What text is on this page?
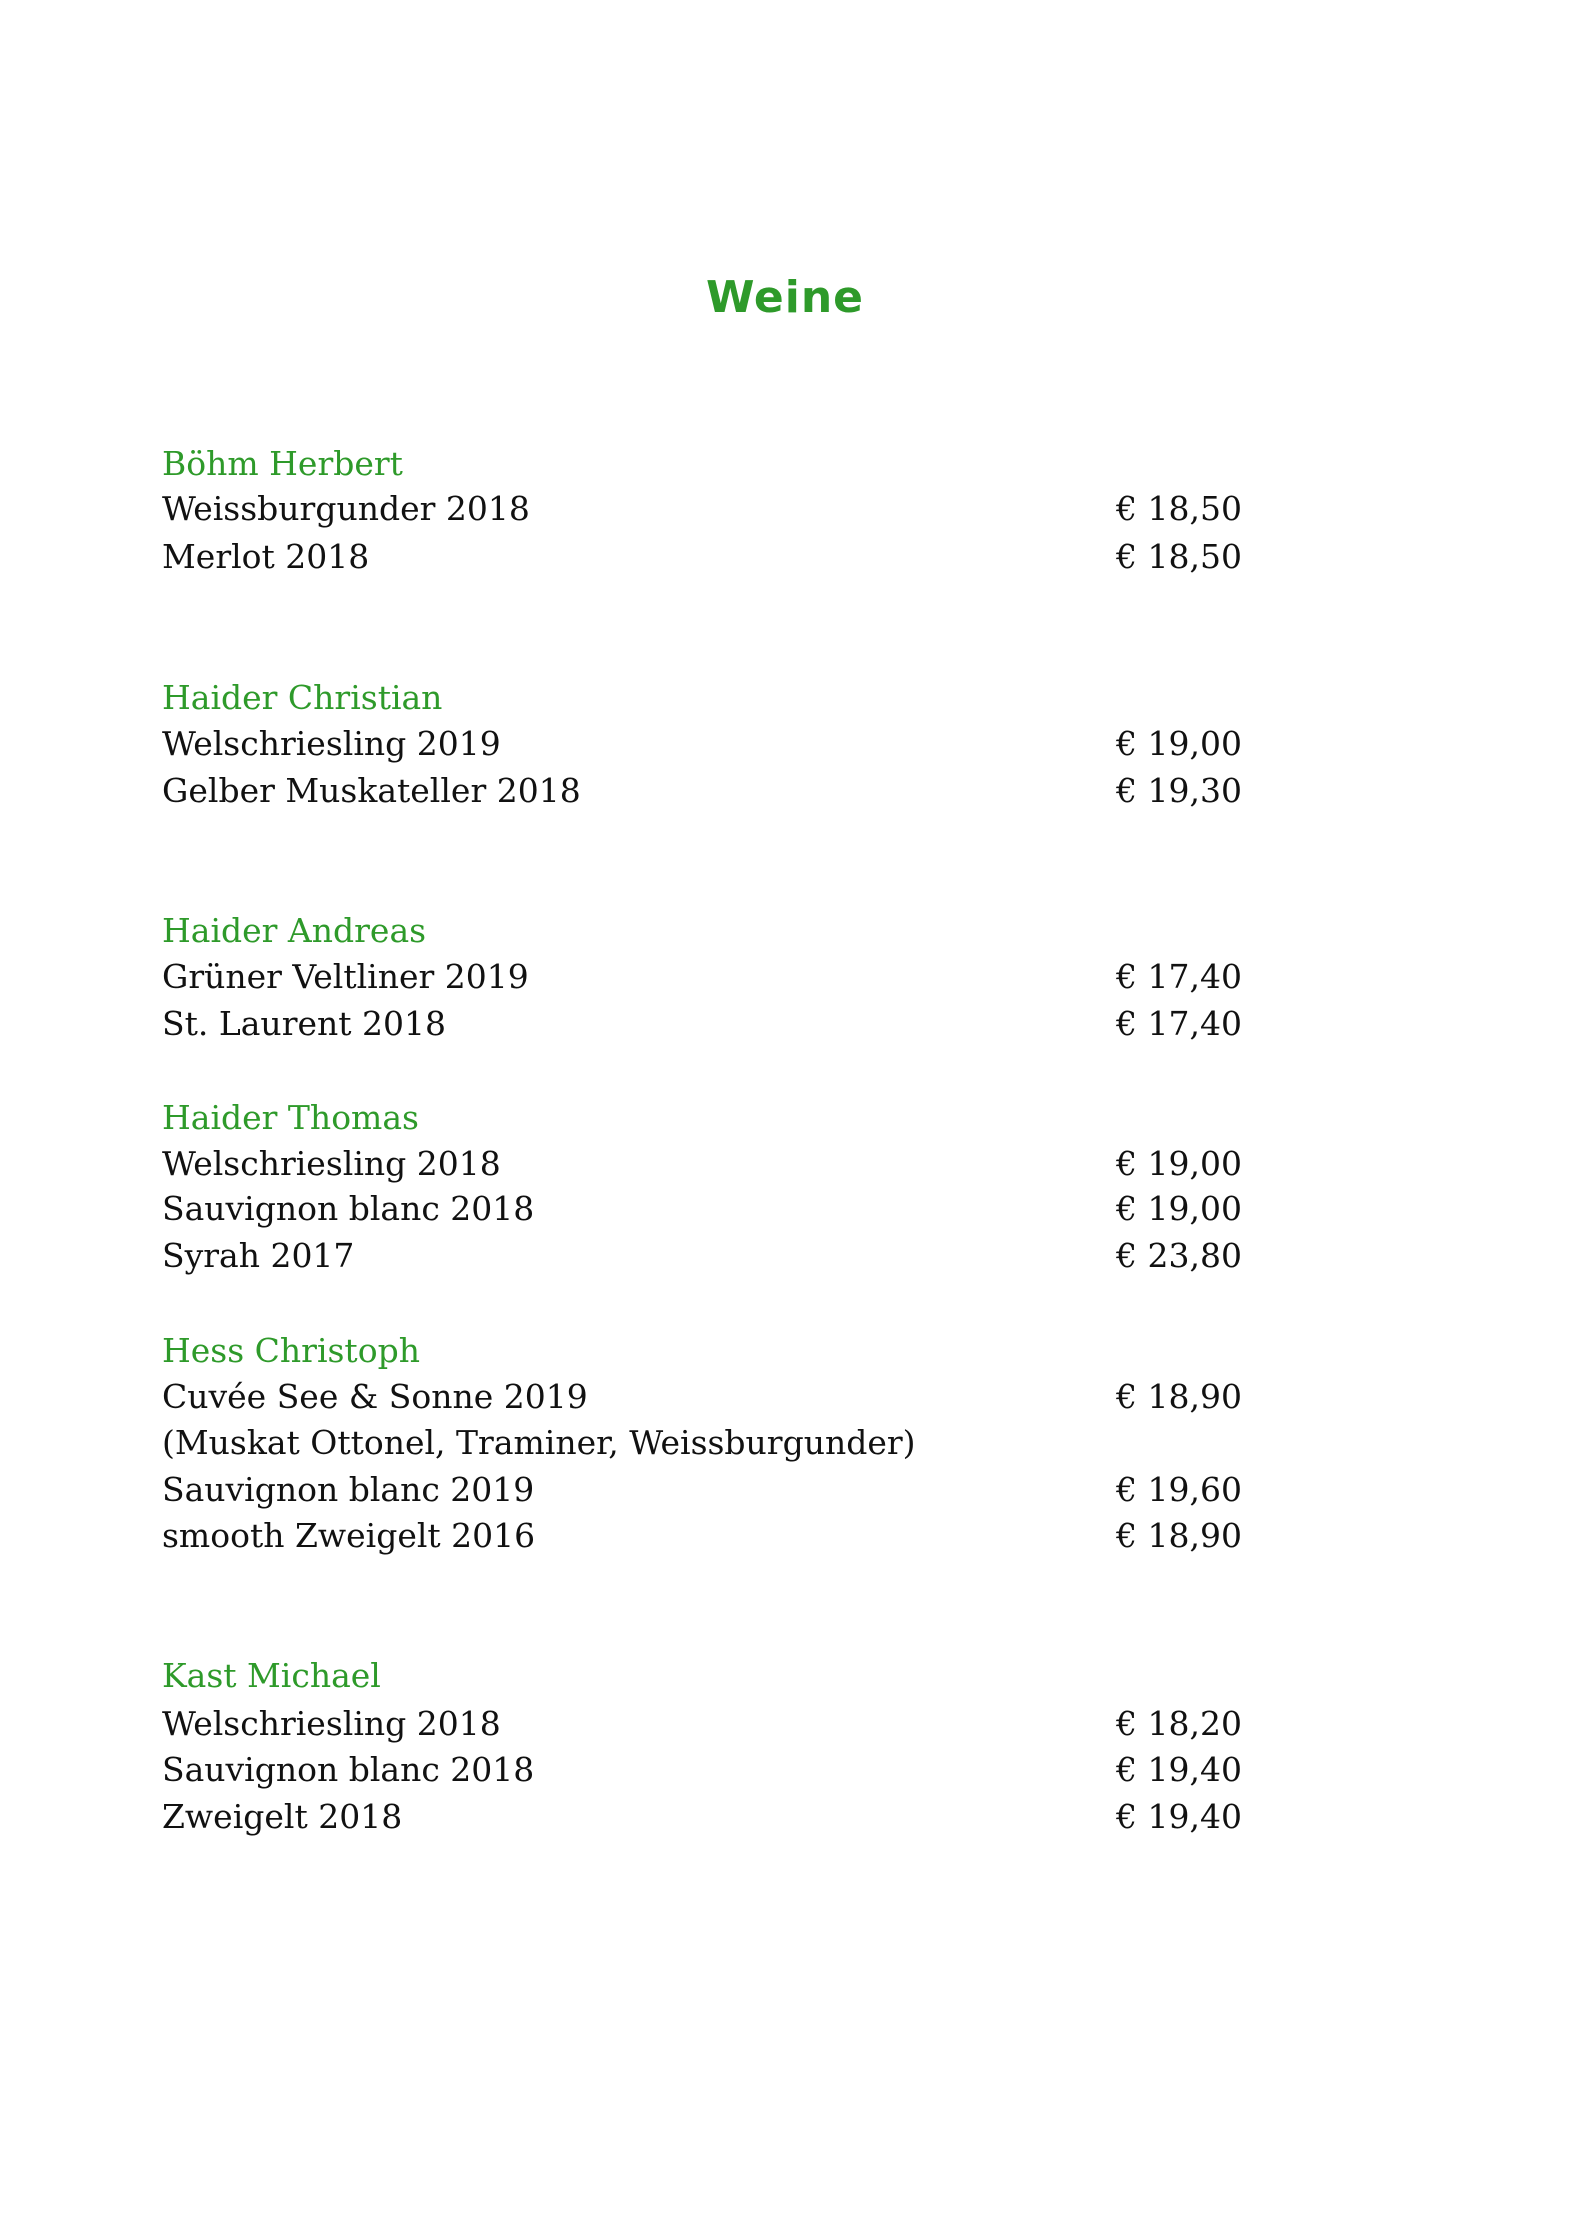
Weine
Böhm Herbert
Weissburgunder 2018	€ 18,50
Merlot 2018	€ 18,50
Haider Christian
Welschriesling 2019	€ 19,00
Gelber Muskateller 2018	€ 19,30
Haider Andreas
Grüner Veltliner 2019	€ 17,40
St. Laurent 2018	€ 17,40
Haider Thomas
Welschriesling 2018	€ 19,00
Sauvignon blanc 2018	€ 19,00
Syrah 2017	€ 23,80
Hess Christoph
Cuvée See & Sonne 2019	€ 18,90
(Muskat Ottonel, Traminer, Weissburgunder)
Sauvignon blanc 2019	€ 19,60
smooth Zweigelt 2016	€ 18,90
Kast Michael
Welschriesling 2018	€ 18,20
Sauvignon blanc 2018	€ 19,40
Zweigelt 2018	€ 19,40
